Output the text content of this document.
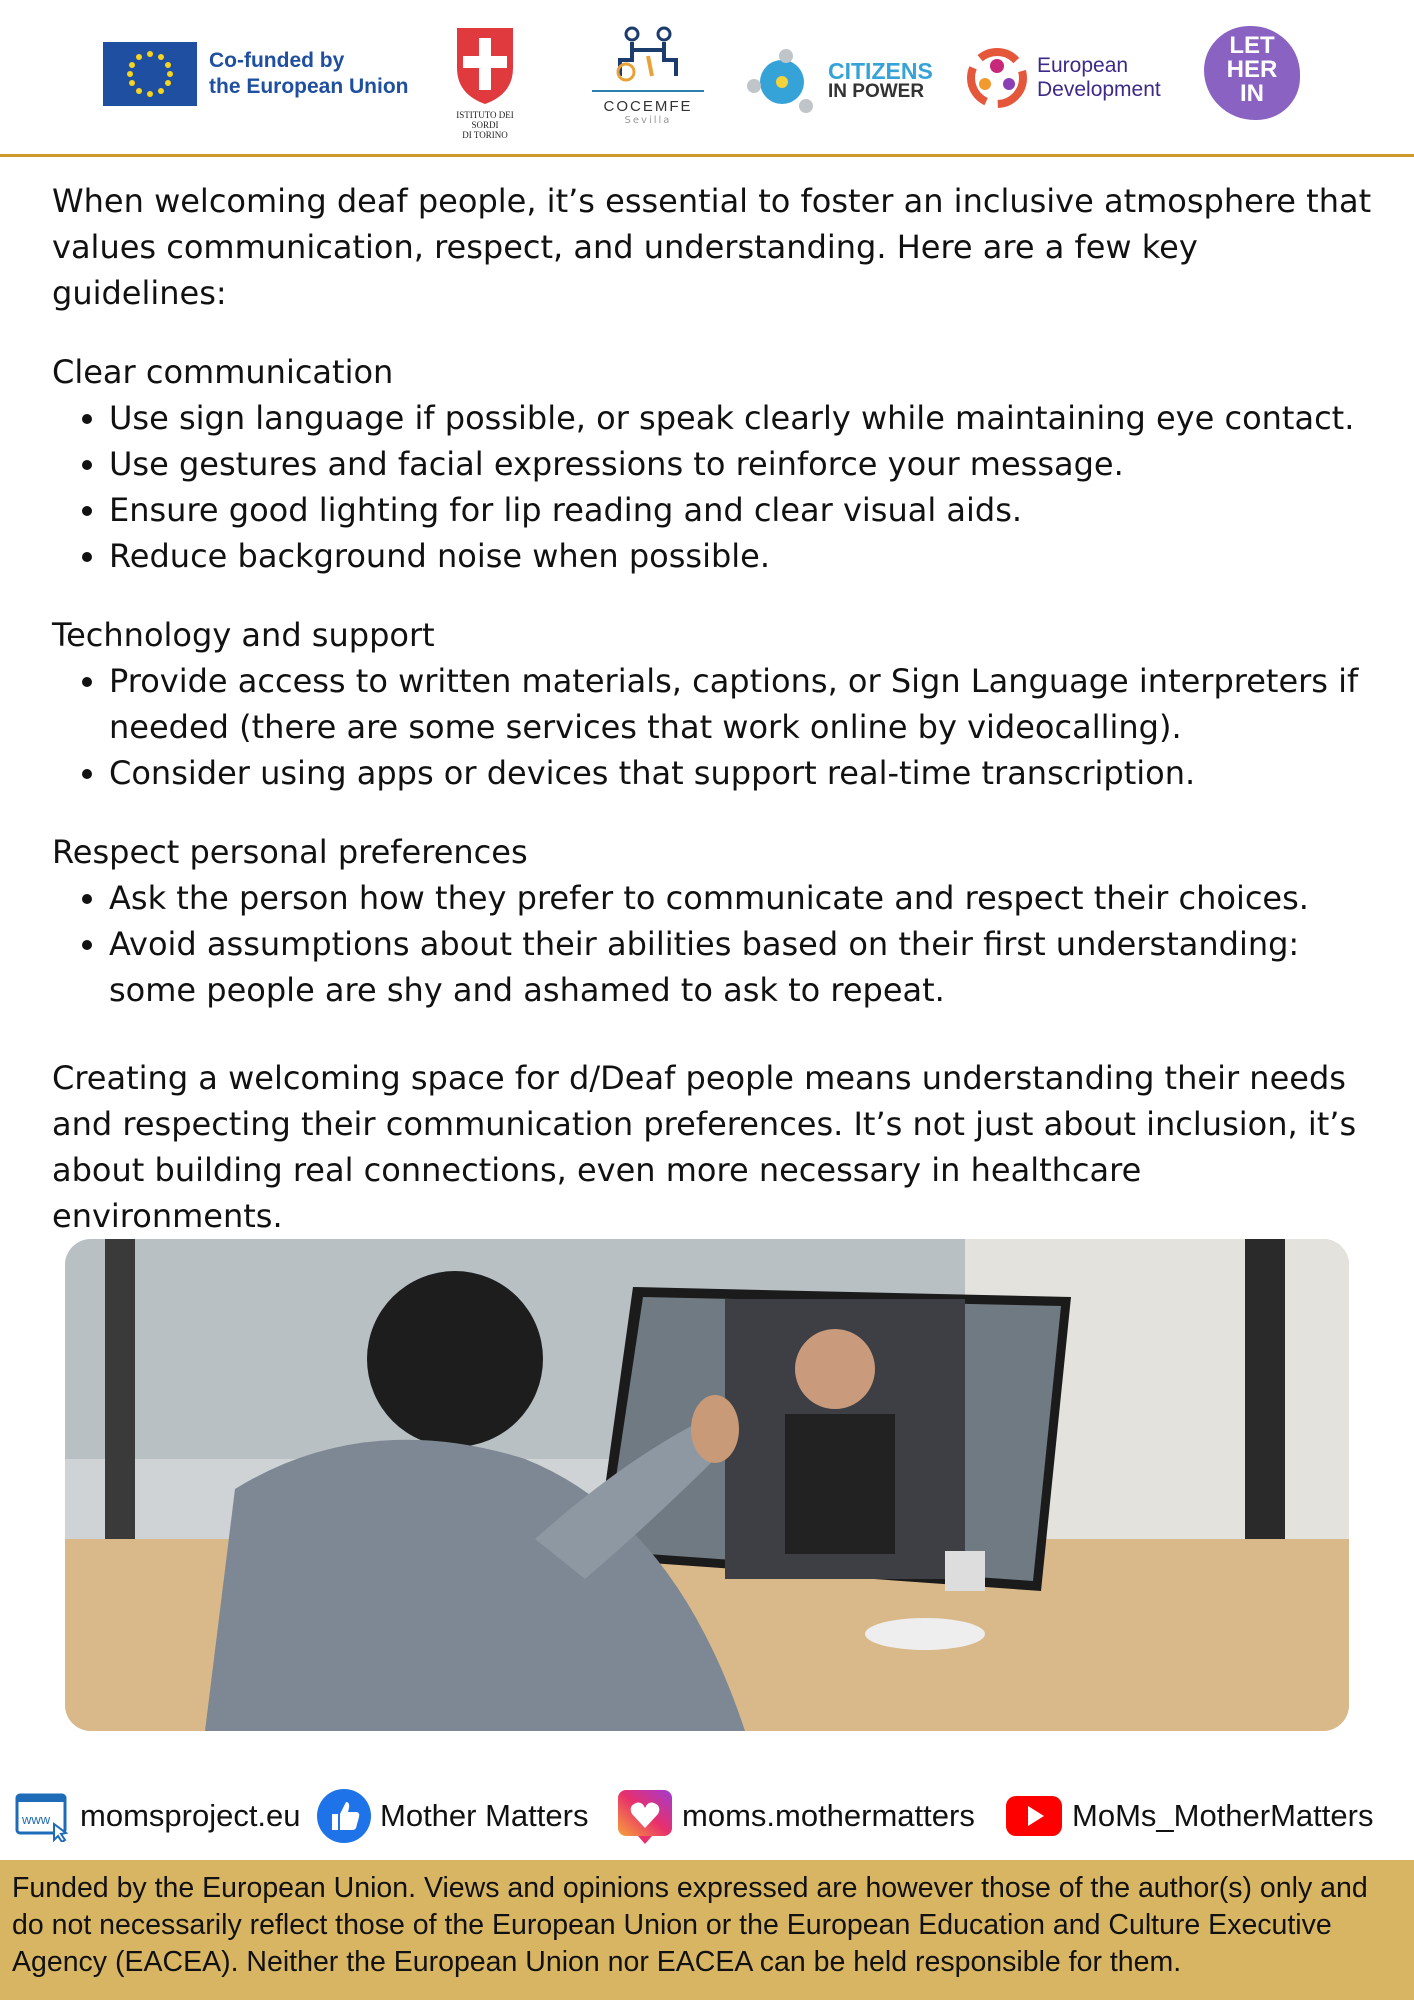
Co-funded by
the European Union
ISTITUTO DEI SORDI
DI TORINO
COCEMFE
Sevilla
CITIZENS
IN POWER
European
Development
LET
HER
IN

When welcoming deaf people, it’s essential to foster an inclusive atmosphere that values communication, respect, and understanding. Here are a few key guidelines:

Clear communication

• Use sign language if possible, or speak clearly while maintaining eye contact.
• Use gestures and facial expressions to reinforce your message.
• Ensure good lighting for lip reading and clear visual aids.
• Reduce background noise when possible.

Technology and support

• Provide access to written materials, captions, or Sign Language interpreters if needed (there are some services that work online by videocalling).
• Consider using apps or devices that support real-time transcription.

Respect personal preferences

• Ask the person how they prefer to communicate and respect their choices.
• Avoid assumptions about their abilities based on their first understanding: some people are shy and ashamed to ask to repeat.

Creating a welcoming space for d/Deaf people means understanding their needs and respecting their communication preferences. It’s not just about inclusion, it’s about building real connections, even more necessary in healthcare environments.

www momsproject.eu	Mother Matters	moms.mothermatters	MoMs_MotherMatters
Funded by the European Union. Views and opinions expressed are however those of the author(s) only and do not necessarily reflect those of the European Union or the European Education and Culture Executive Agency (EACEA). Neither the European Union nor EACEA can be held responsible for them.
